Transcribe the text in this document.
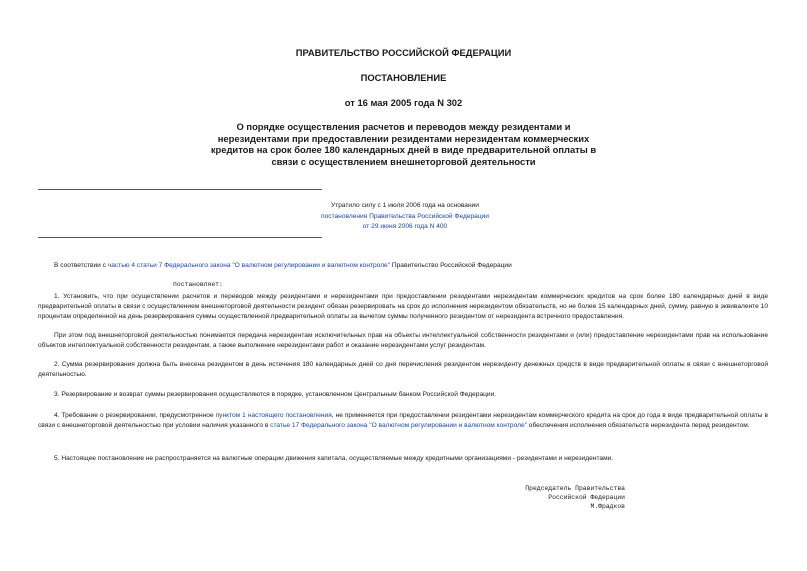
ПРАВИТЕЛЬСТВО РОССИЙСКОЙ ФЕДЕРАЦИИ
ПОСТАНОВЛЕНИЕ
от 16 мая 2005 года N 302
О порядке осуществления расчетов и переводов между резидентами и нерезидентами при предоставлении резидентами нерезидентам коммерческих кредитов на срок более 180 календарных дней в виде предварительной оплаты в связи с осуществлением внешнеторговой деятельности
Утратило силу с 1 июля 2006 года на основании
постановления Правительства Российской Федерации
от 29 июня 2006 года N 400
В соответствии с частью 4 статьи 7 Федерального закона "О валютном регулировании и валютном контроле" Правительство Российской Федерации
постановляет:
1. Установить, что при осуществлении расчетов и переводов между резидентами и нерезидентами при предоставлении резидентами нерезидентам коммерческих кредитов на срок более 180 календарных дней в виде предварительной оплаты в связи с осуществлением внешнеторговой деятельности резидент обязан резервировать на срок до исполнения нерезидентом обязательств, но не более 15 календарных дней, сумму, равную в эквиваленте 10 процентам определенной на день резервирования суммы осуществленной предварительной оплаты за вычетом суммы полученного резидентом от нерезидента встречного предоставления.
При этом под внешнеторговой деятельностью понимается передача нерезидентам исключительных прав на объекты интеллектуальной собственности резидентами и (или) предоставление нерезидентами прав на использование объектов интеллектуальной собственности резидентам, а также выполнение нерезидентами работ и оказание нерезидентами услуг резидентам.
2. Сумма резервирования должна быть внесена резидентом в день истечения 180 календарных дней со дня перечисления резидентом нерезиденту денежных средств в виде предварительной оплаты в связи с внешнеторговой деятельностью.
3. Резервирование и возврат суммы резервирования осуществляются в порядке, установленном Центральным банком Российской Федерации.
4. Требование о резервировании, предусмотренное пунктом 1 настоящего постановления, не применяется при предоставлении резидентами нерезидентам коммерческого кредита на срок до года в виде предварительной оплаты в связи с внешнеторговой деятельностью при условии наличия указанного в статье 17 Федерального закона "О валютном регулировании и валютном контроле" обеспечения исполнения обязательств нерезидента перед резидентом.
5. Настоящее постановление не распространяется на валютные операции движения капитала, осуществляемые между кредитными организациями - резидентами и нерезидентами.
Председатель Правительства
Российской Федерации
М.Фрадков
